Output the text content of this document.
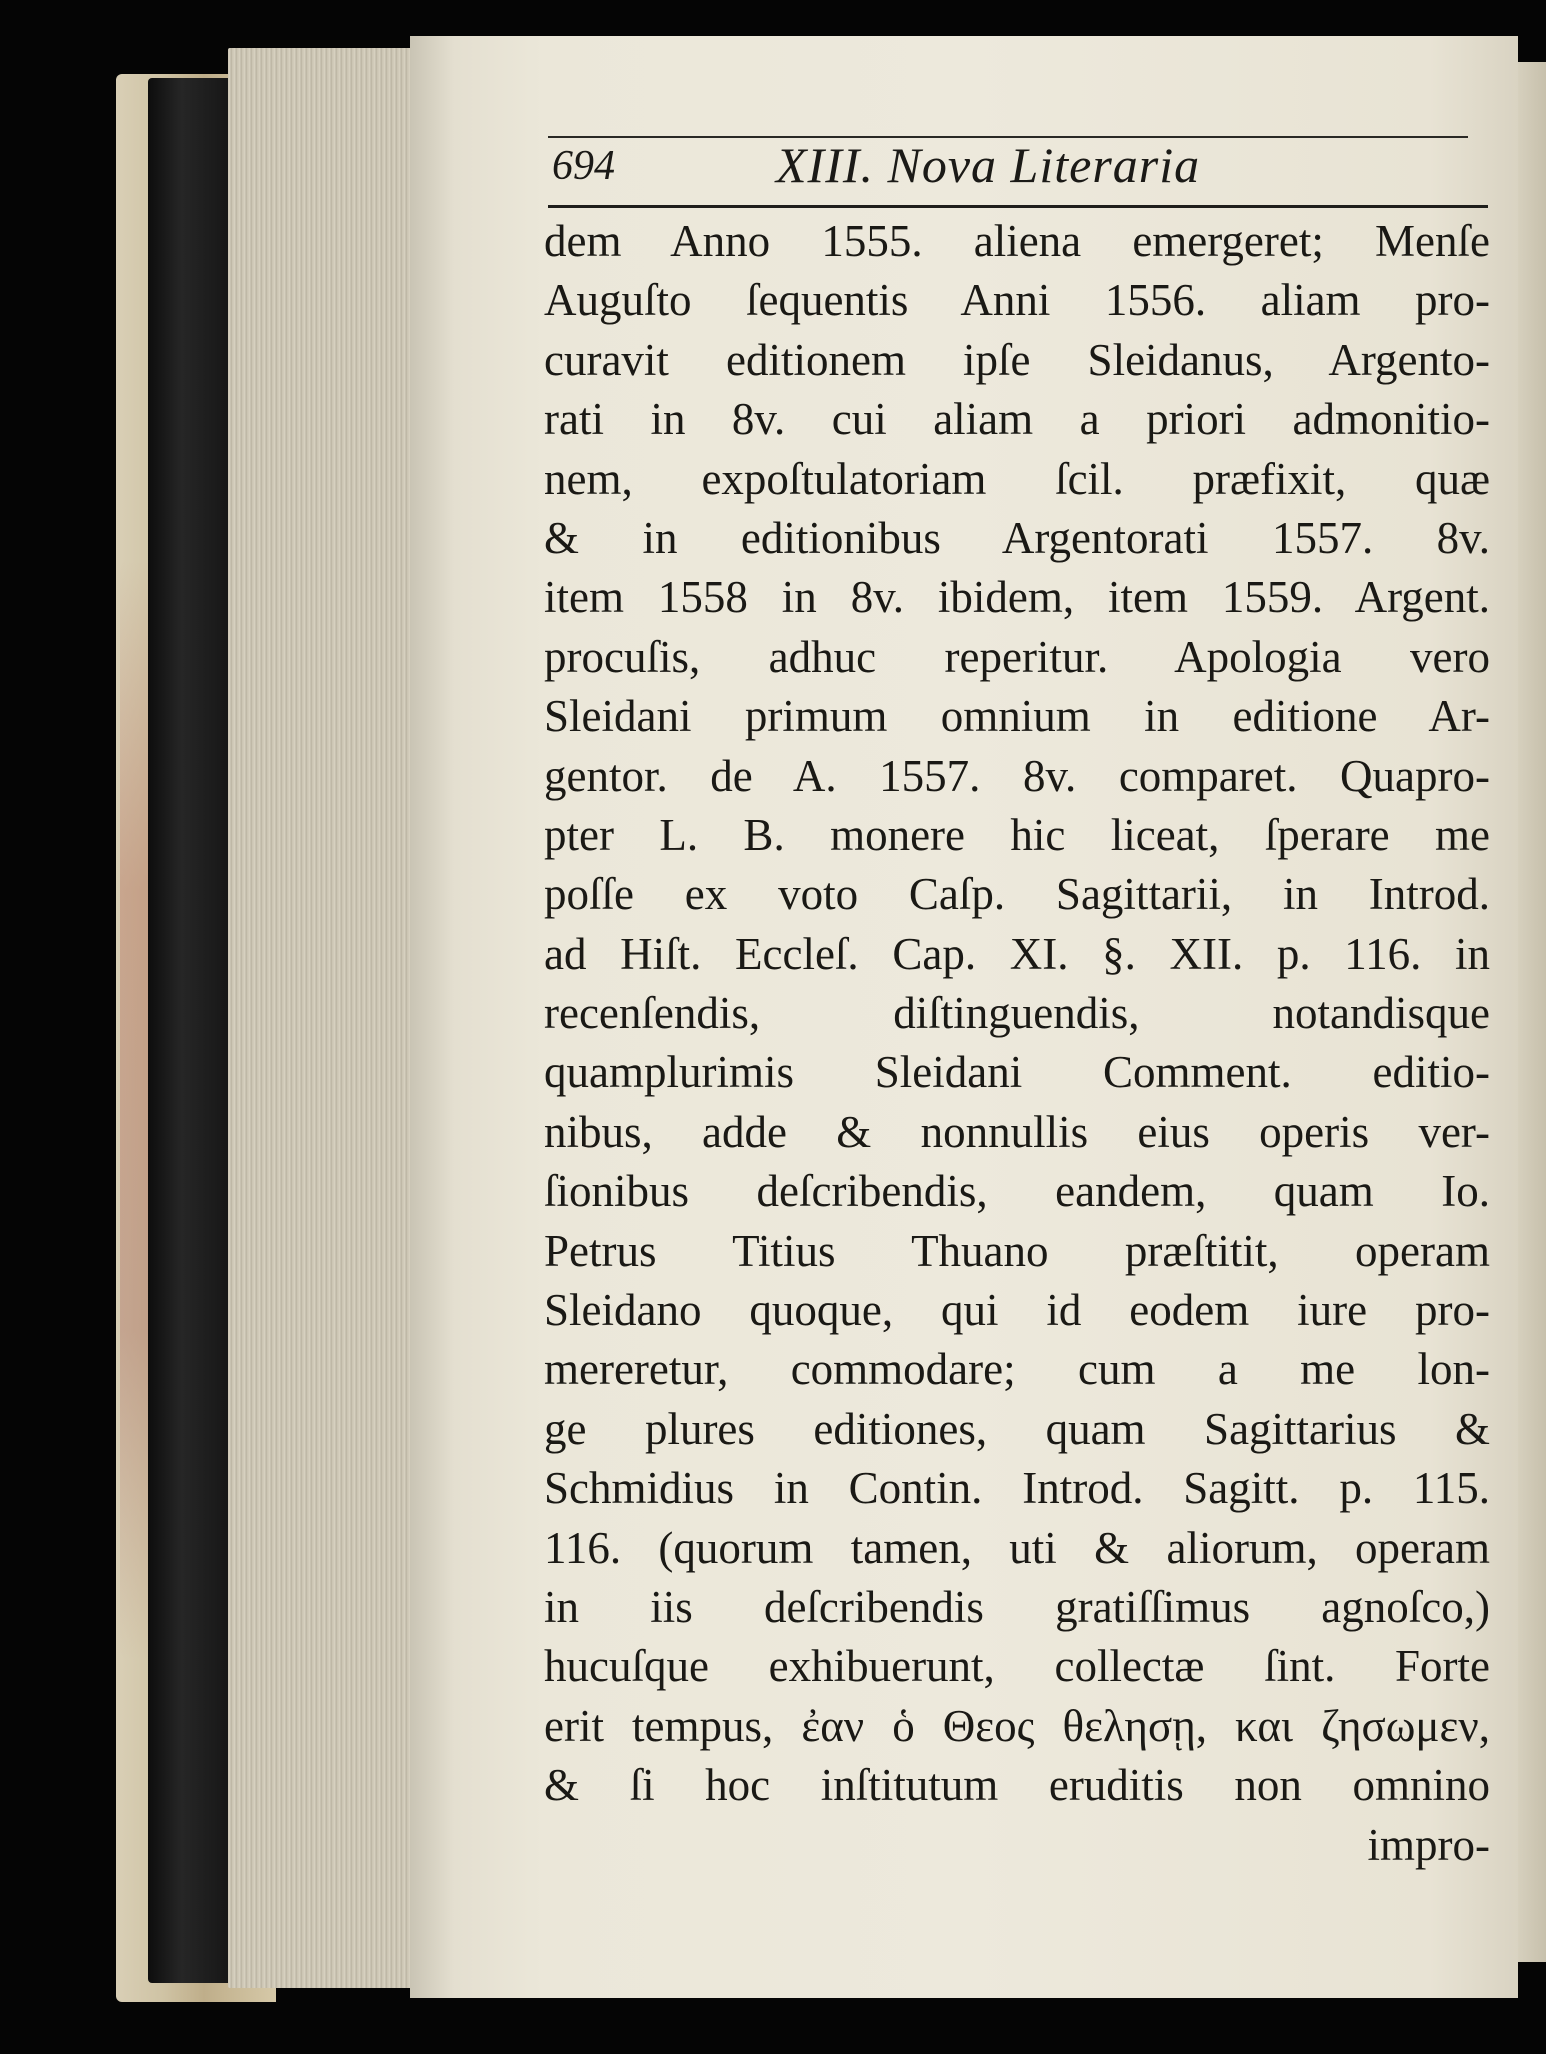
694	XIII. Nova Literaria
dem Anno 1555. aliena emergeret; Menſe
Auguſto ſequentis Anni 1556. aliam pro-
curavit editionem ipſe Sleidanus, Argento-
rati in 8v. cui aliam a priori admonitio-
nem, expoſtulatoriam ſcil. præfixit, quæ
& in editionibus Argentorati 1557. 8v.
item 1558 in 8v. ibidem, item 1559. Argent.
procuſis, adhuc reperitur. Apologia vero
Sleidani primum omnium in editione Ar-
gentor. de A. 1557. 8v. comparet. Quapro-
pter L. B. monere hic liceat, ſperare me
poſſe ex voto Caſp. Sagittarii, in Introd.
ad Hiſt. Eccleſ. Cap. XI. §. XII. p. 116. in
recenſendis, diſtinguendis, notandisque
quamplurimis Sleidani Comment. editio-
nibus, adde & nonnullis eius operis ver-
ſionibus deſcribendis, eandem, quam Io.
Petrus Titius Thuano præſtitit, operam
Sleidano quoque, qui id eodem iure pro-
mereretur, commodare; cum a me lon-
ge plures editiones, quam Sagittarius &
Schmidius in Contin. Introd. Sagitt. p. 115.
116. (quorum tamen, uti & aliorum, operam
in iis deſcribendis gratiſſimus agnoſco,)
hucuſque exhibuerunt, collectæ ſint. Forte
erit tempus, ἐαν ὁ Θεος θελησῃ, και ζησωμεν,
& ſi hoc inſtitutum eruditis non omnino
impro-
